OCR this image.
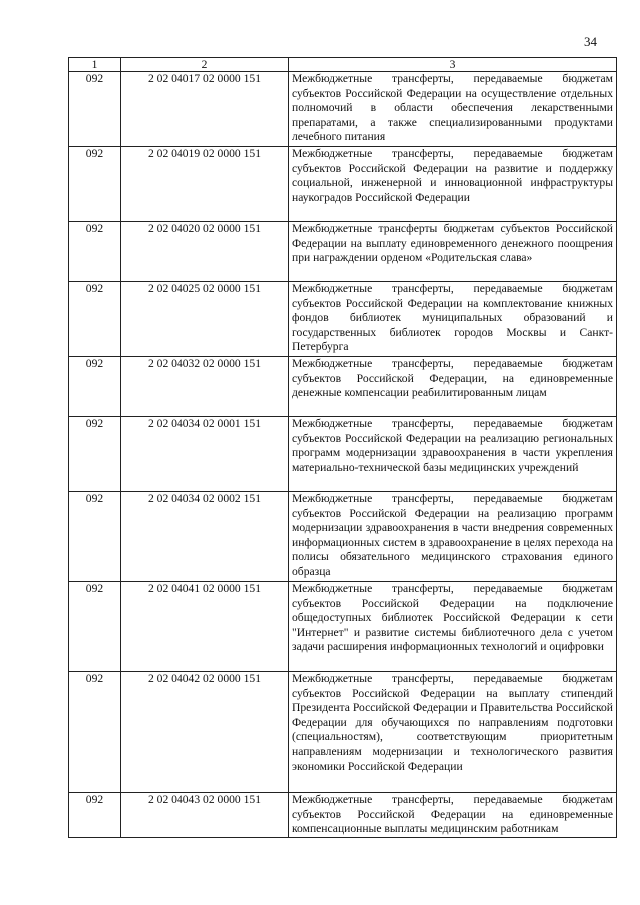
34
1	2	3
092	2 02 04017 02 0000 151	Межбюджетные трансферты, передаваемые бюджетам субъектов Российской Федерации на осуществление отдельных полномочий в области обеспечения лекарственными препаратами, а также специализированными продуктами лечебного питания
092	2 02 04019 02 0000 151	Межбюджетные трансферты, передаваемые бюджетам субъектов Российской Федерации на развитие и поддержку социальной, инженерной и инновационной инфраструктуры наукоградов Российской Федерации
092	2 02 04020 02 0000 151	Межбюджетные трансферты бюджетам субъектов Российской Федерации на выплату единовременного денежного поощрения при награждении орденом «Родительская слава»
092	2 02 04025 02 0000 151	Межбюджетные трансферты, передаваемые бюджетам субъектов Российской Федерации на комплектование книжных фондов библиотек муниципальных образований и государственных библиотек городов Москвы и Санкт-Петербурга
092	2 02 04032 02 0000 151	Межбюджетные трансферты, передаваемые бюджетам субъектов Российской Федерации, на единовременные денежные компенсации реабилитированным лицам
092	2 02 04034 02 0001 151	Межбюджетные трансферты, передаваемые бюджетам субъектов Российской Федерации на реализацию региональных программ модернизации здравоохранения в части укрепления материально-технической базы медицинских учреждений
092	2 02 04034 02 0002 151	Межбюджетные трансферты, передаваемые бюджетам субъектов Российской Федерации на реализацию программ модернизации здравоохранения в части внедрения современных информационных систем в здравоохранение в целях перехода на полисы обязательного медицинского страхования единого образца
092	2 02 04041 02 0000 151	Межбюджетные трансферты, передаваемые бюджетам субъектов Российской Федерации на подключение общедоступных библиотек Российской Федерации к сети "Интернет" и развитие системы библиотечного дела с учетом задачи расширения информационных технологий и оцифровки
092	2 02 04042 02 0000 151	Межбюджетные трансферты, передаваемые бюджетам субъектов Российской Федерации на выплату стипендий Президента Российской Федерации и Правительства Российской Федерации для обучающихся по направлениям подготовки (специальностям), соответствующим приоритетным направлениям модернизации и технологического развития экономики Российской Федерации
092	2 02 04043 02 0000 151	Межбюджетные трансферты, передаваемые бюджетам субъектов Российской Федерации на единовременные компенсационные выплаты медицинским работникам
